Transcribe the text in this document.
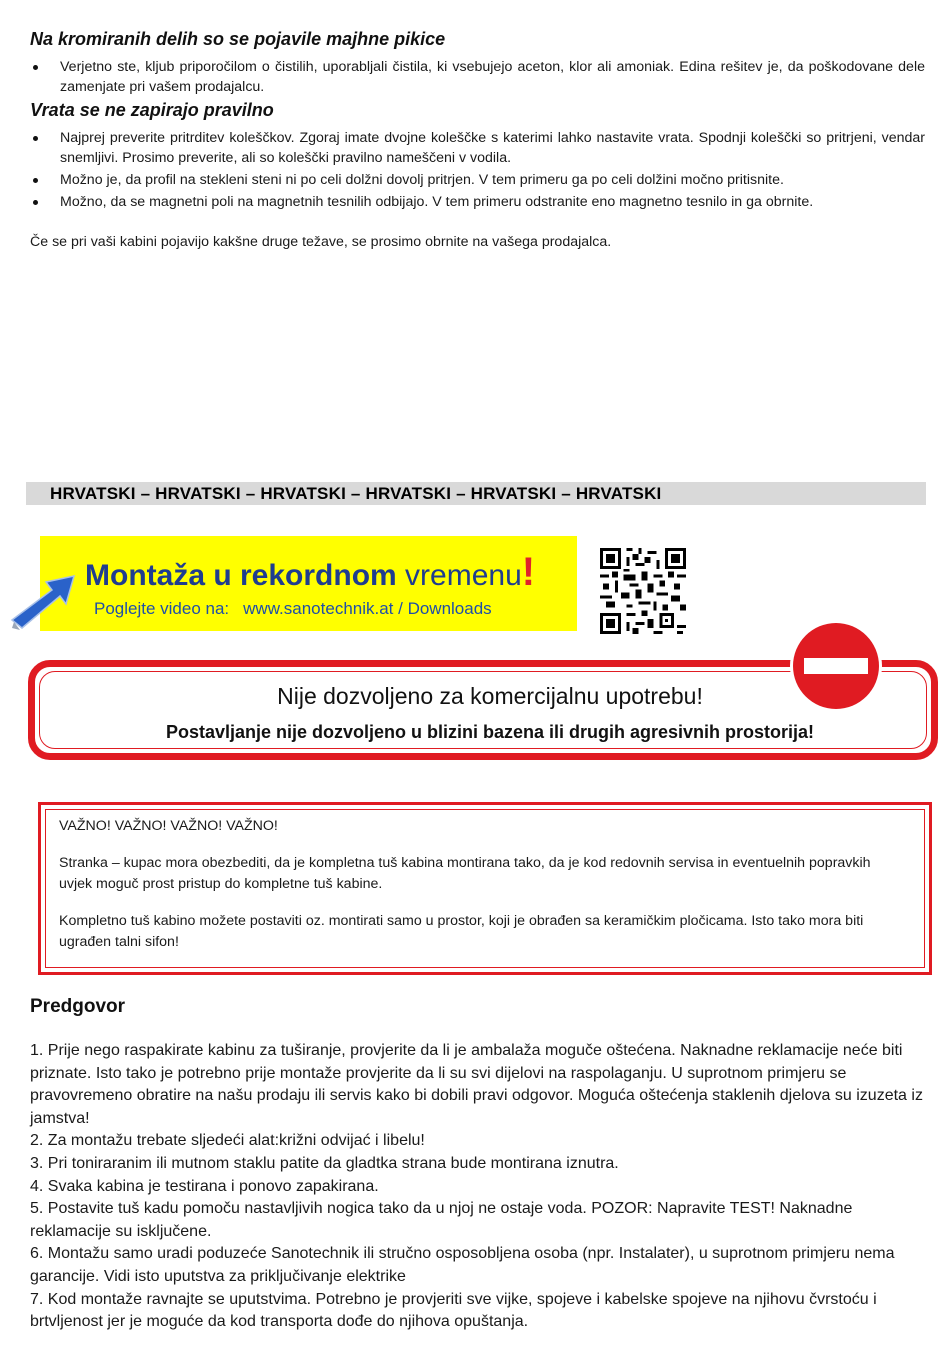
Na kromiranih delih so se pojavile majhne pikice
Verjetno ste, kljub priporočilom o čistilih, uporabljali čistila, ki vsebujejo aceton, klor ali amoniak. Edina rešitev je, da poškodovane dele zamenjate pri vašem prodajalcu.
Vrata se ne zapirajo pravilno
Najprej preverite pritrditev koleščkov. Zgoraj imate dvojne koleščke s katerimi lahko nastavite vrata. Spodnji koleščki so pritrjeni, vendar snemljivi. Prosimo preverite, ali so koleščki pravilno nameščeni v vodila.
Možno je, da profil na stekleni steni ni po celi dolžni dovolj pritrjen. V tem primeru ga po celi dolžini močno pritisnite.
Možno, da se magnetni poli na magnetnih tesnilih odbijajo. V tem primeru odstranite eno magnetno tesnilo in ga obrnite.

Če se pri vaši kabini pojavijo kakšne druge težave, se prosimo obrnite na vašega prodajalca.

HRVATSKI – HRVATSKI – HRVATSKI – HRVATSKI – HRVATSKI – HRVATSKI
Montaža u rekordnom vremenu!
Poglejte video na: www.sanotechnik.at / Downloads
Nije dozvoljeno za komercijalnu upotrebu!
Postavljanje nije dozvoljeno u blizini bazena ili drugih agresivnih prostorija!

VAŽNO! VAŽNO! VAŽNO! VAŽNO!

Stranka – kupac mora obezbediti, da je kompletna tuš kabina montirana tako, da je kod redovnih servisa in eventuelnih popravkih uvjek moguč prost pristup do kompletne tuš kabine.

Kompletno tuš kabino možete postaviti oz. montirati samo u prostor, koji je obrađen sa keramičkim pločicama. Isto tako mora biti ugrađen talni sifon!

Predgovor

1. Prije nego raspakirate kabinu za tuširanje, provjerite da li je ambalaža moguče oštećena. Naknadne reklamacije neće biti priznate. Isto tako je potrebno prije montaže provjerite da li su svi dijelovi na raspolaganju. U suprotnom primjeru se pravovremeno obratire na našu prodaju ili servis kako bi dobili pravi odgovor. Moguća oštećenja staklenih djelova su izuzeta iz jamstva!

2. Za montažu trebate sljedeći alat:križni odvijać i libelu!

3. Pri toniraranim ili mutnom staklu patite da gladtka strana bude montirana iznutra.

4. Svaka kabina je testirana i ponovo zapakirana.

5. Postavite tuš kadu pomoču nastavljivih nogica tako da u njoj ne ostaje voda. POZOR: Napravite TEST! Naknadne reklamacije su isključene.

6. Montažu samo uradi poduzeće Sanotechnik ili stručno osposobljena osoba (npr. Instalater), u suprotnom primjeru nema garancije. Vidi isto uputstva za priključivanje elektrike

7. Kod montaže ravnajte se uputstvima. Potrebno je provjeriti sve vijke, spojeve i kabelske spojeve na njihovu čvrstoću i brtvljenost jer je moguće da kod transporta dođe do njihova opuštanja.
